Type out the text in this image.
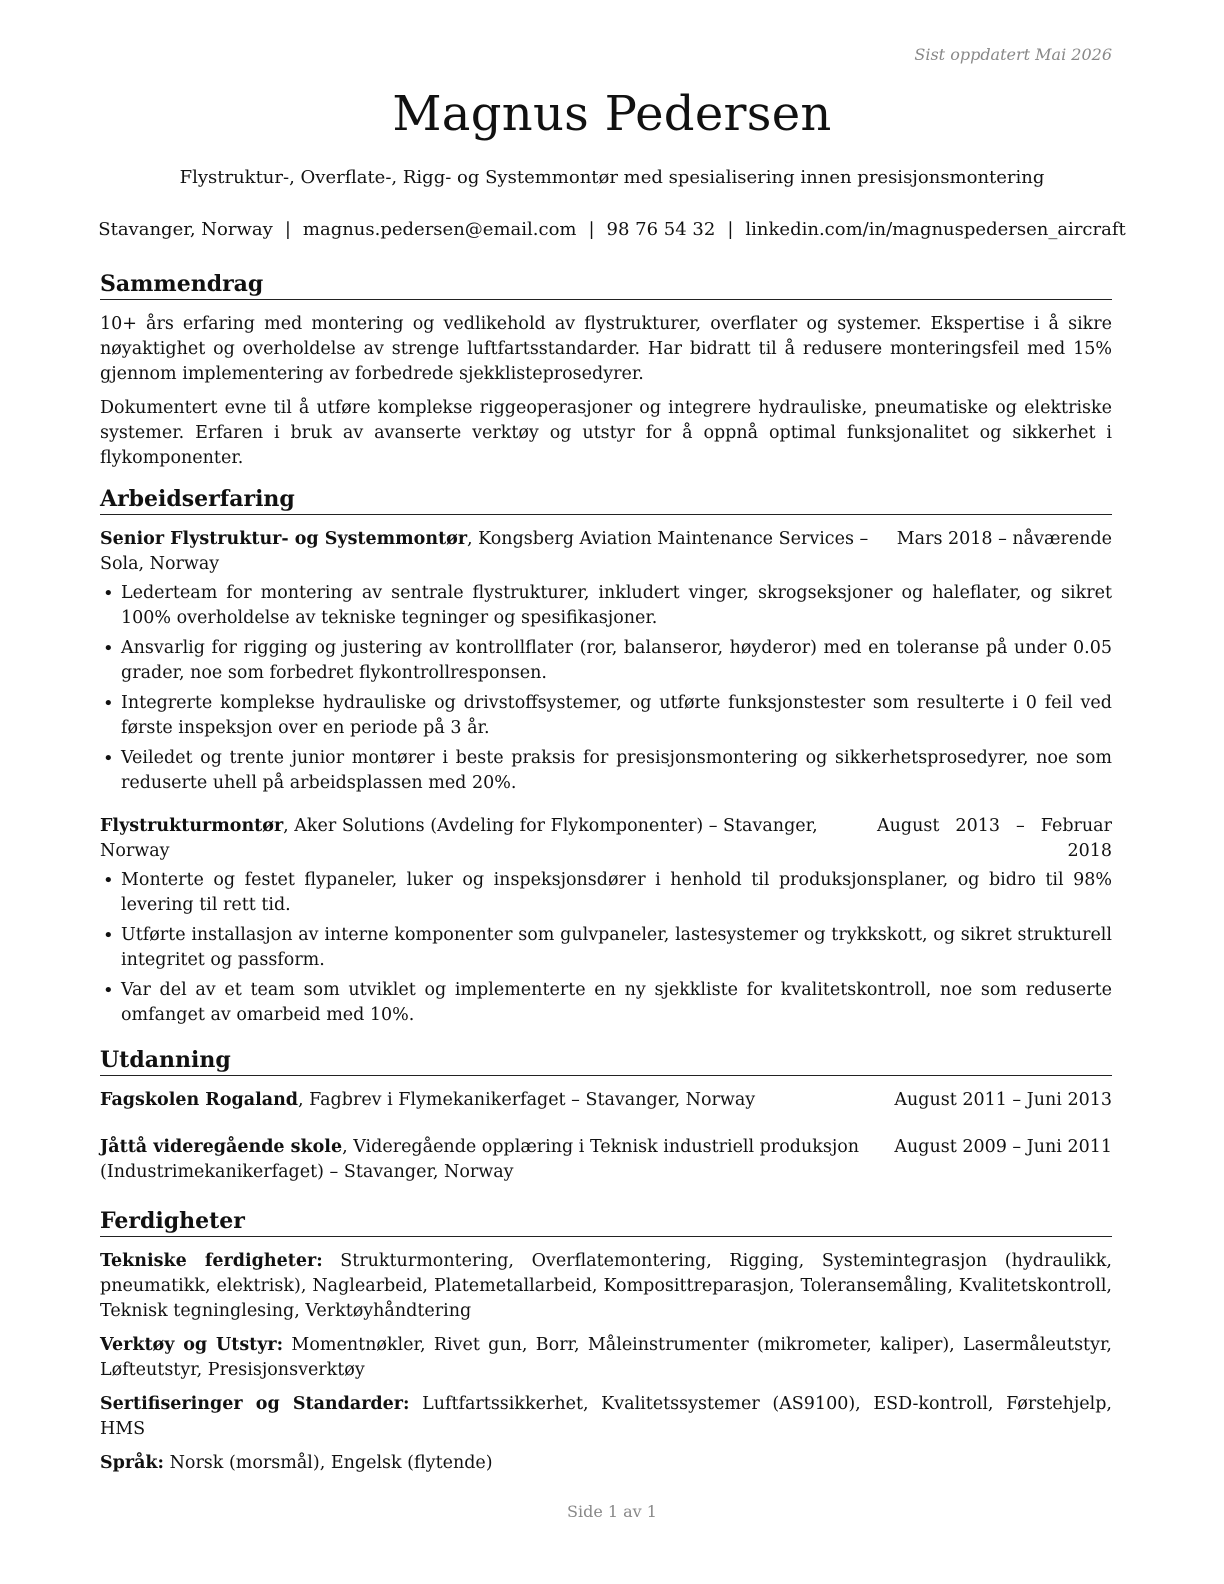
Sist oppdatert Mai 2026
Magnus Pedersen
Flystruktur-, Overflate-, Rigg- og Systemmontør med spesialisering innen presisjonsmontering
Stavanger, Norway | magnus.pedersen@email.com | 98 76 54 32 | linkedin.com/in/magnuspedersen_aircraft
Sammendrag

10+ års erfaring med montering og vedlikehold av flystrukturer, overflater og systemer. Ekspertise i å sikre nøyaktighet og overholdelse av strenge luftfartsstandarder. Har bidratt til å redusere monteringsfeil med 15% gjennom implementering av forbedrede sjekklisteprosedyrer.

Dokumentert evne til å utføre komplekse riggeoperasjoner og integrere hydrauliske, pneumatiske og elektriske systemer. Erfaren i bruk av avanserte verktøy og utstyr for å oppnå optimal funksjonalitet og sikkerhet i flykomponenter.

Arbeidserfaring
Senior Flystruktur- og Systemmontør, Kongsberg Aviation Maintenance Services – Sola, Norway
Mars 2018 – nåværende
• Lederteam for montering av sentrale flystrukturer, inkludert vinger, skrogseksjoner og haleflater, og sikret 100% overholdelse av tekniske tegninger og spesifikasjoner.
• Ansvarlig for rigging og justering av kontrollflater (ror, balanseror, høyderor) med en toleranse på under 0.05 grader, noe som forbedret flykontrollresponsen.
• Integrerte komplekse hydrauliske og drivstoffsystemer, og utførte funksjonstester som resulterte i 0 feil ved første inspeksjon over en periode på 3 år.
• Veiledet og trente junior montører i beste praksis for presisjonsmontering og sikkerhetsprosedyrer, noe som reduserte uhell på arbeidsplassen med 20%.
Flystrukturmontør, Aker Solutions (Avdeling for Flykomponenter) – Stavanger, Norway
August 2013 – Februar 2018
• Monterte og festet flypaneler, luker og inspeksjonsdører i henhold til produksjonsplaner, og bidro til 98% levering til rett tid.
• Utførte installasjon av interne komponenter som gulvpaneler, lastesystemer og trykkskott, og sikret strukturell integritet og passform.
• Var del av et team som utviklet og implementerte en ny sjekkliste for kvalitetskontroll, noe som reduserte omfanget av omarbeid med 10%.
Utdanning
Fagskolen Rogaland, Fagbrev i Flymekanikerfaget – Stavanger, Norway	August 2011 – Juni 2013
Jåttå videregående skole, Videregående opplæring i Teknisk industriell produksjon (Industrimekanikerfaget) – Stavanger, Norway
August 2009 – Juni 2011
Ferdigheter

Tekniske ferdigheter: Strukturmontering, Overflatemontering, Rigging, Systemintegrasjon (hydraulikk, pneumatikk, elektrisk), Naglearbeid, Platemetallarbeid, Komposittreparasjon, Toleransemåling, Kvalitetskontroll, Teknisk tegninglesing, Verktøyhåndtering

Verktøy og Utstyr: Momentnøkler, Rivet gun, Borr, Måleinstrumenter (mikrometer, kaliper), Lasermåleutstyr, Løfteutstyr, Presisjonsverktøy

Sertifiseringer og Standarder: Luftfartssikkerhet, Kvalitetssystemer (AS9100), ESD-kontroll, Førstehjelp, HMS

Språk: Norsk (morsmål), Engelsk (flytende)

Side 1 av 1
